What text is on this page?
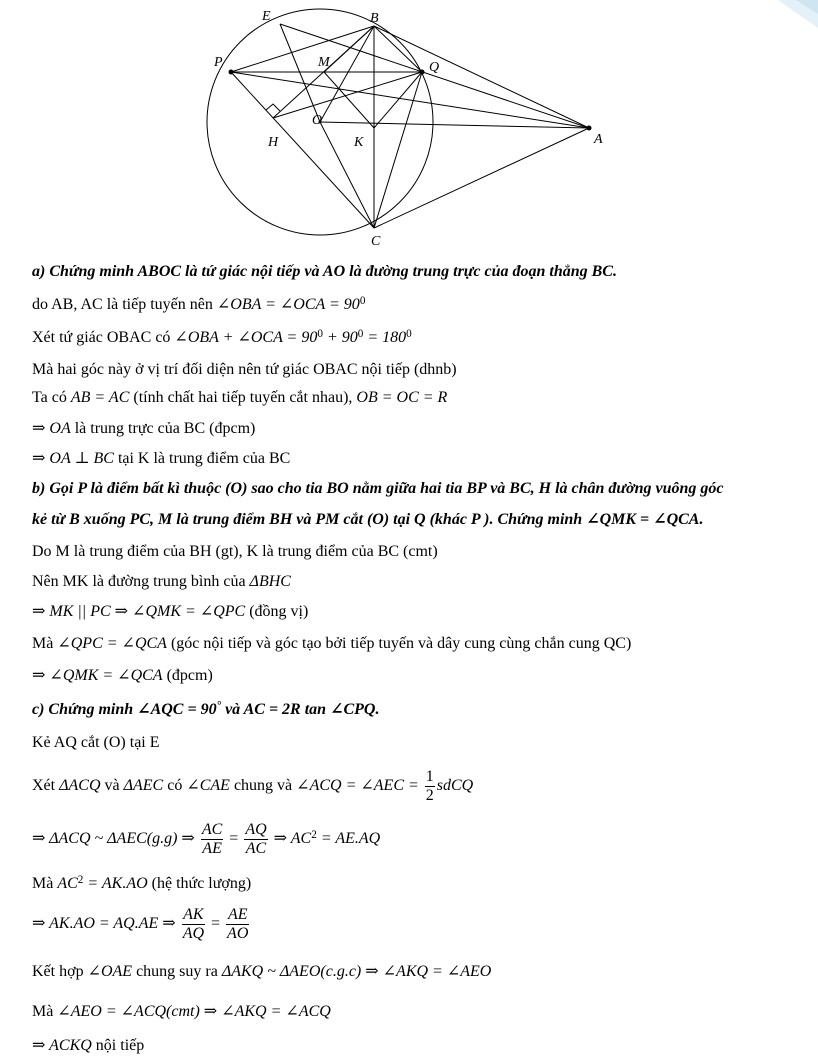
E	B
P	M	Q
O
H	K	A
C
a) Chứng minh ABOC là tứ giác nội tiếp và AO là đường trung trực của đoạn thẳng BC.
do AB, AC là tiếp tuyến nên ∠OBA = ∠OCA = $90^0$
Xét tứ giác OBAC có ∠OBA + ∠OCA = $90^0 + 90^0 = 180^0$
Mà hai góc này ở vị trí đối diện nên tứ giác OBAC nội tiếp (dhnb)
Ta có AB = AC (tính chất hai tiếp tuyến cắt nhau), OB = OC = R
⇒ OA là trung trực của BC (đpcm)
⇒ OA ⊥ BC tại K là trung điểm của BC
b) Gọi P là điểm bất kì thuộc (O) sao cho tia BO nằm giữa hai tia BP và BC, H là chân đường vuông góc
kẻ từ B xuống PC, M là trung điểm BH và PM cắt (O) tại Q (khác P ). Chứng minh ∠QMK = ∠QCA.
Do M là trung điểm của BH (gt), K là trung điểm của BC (cmt)
Nên MK là đường trung bình của ΔBHC
⇒ MK || PC ⇒ ∠QMK = ∠QPC (đồng vị)
Mà ∠QPC = ∠QCA (góc nội tiếp và góc tạo bởi tiếp tuyến và dây cung cùng chắn cung QC)
⇒ ∠QMK = ∠QCA (đpcm)
c) Chứng minh ∠AQC = 90° và AC = 2R tan ∠CPQ.
Kẻ AQ cắt (O) tại E
Xét ΔACQ và ΔAEC có ∠CAE chung và ∠ACQ = ∠AEC = $\frac{1}{2}$ sdCQ
⇒ ΔACQ ~ ΔAEC(g.g) ⇒ $\frac{AC}{AE} = \frac{AQ}{AC}$ ⇒ $AC^2 = AE.AQ$
Mà $AC^2 = AK.AO$ (hệ thức lượng)
⇒ AK.AO = AQ.AE ⇒ $\frac{AK}{AQ} = \frac{AE}{AO}$
Kết hợp ∠OAE chung suy ra ΔAKQ ~ ΔAEO(c.g.c) ⇒ ∠AKQ = ∠AEO
Mà ∠AEO = ∠ACQ(cmt) ⇒ ∠AKQ = ∠ACQ
⇒ ACKQ nội tiếp
